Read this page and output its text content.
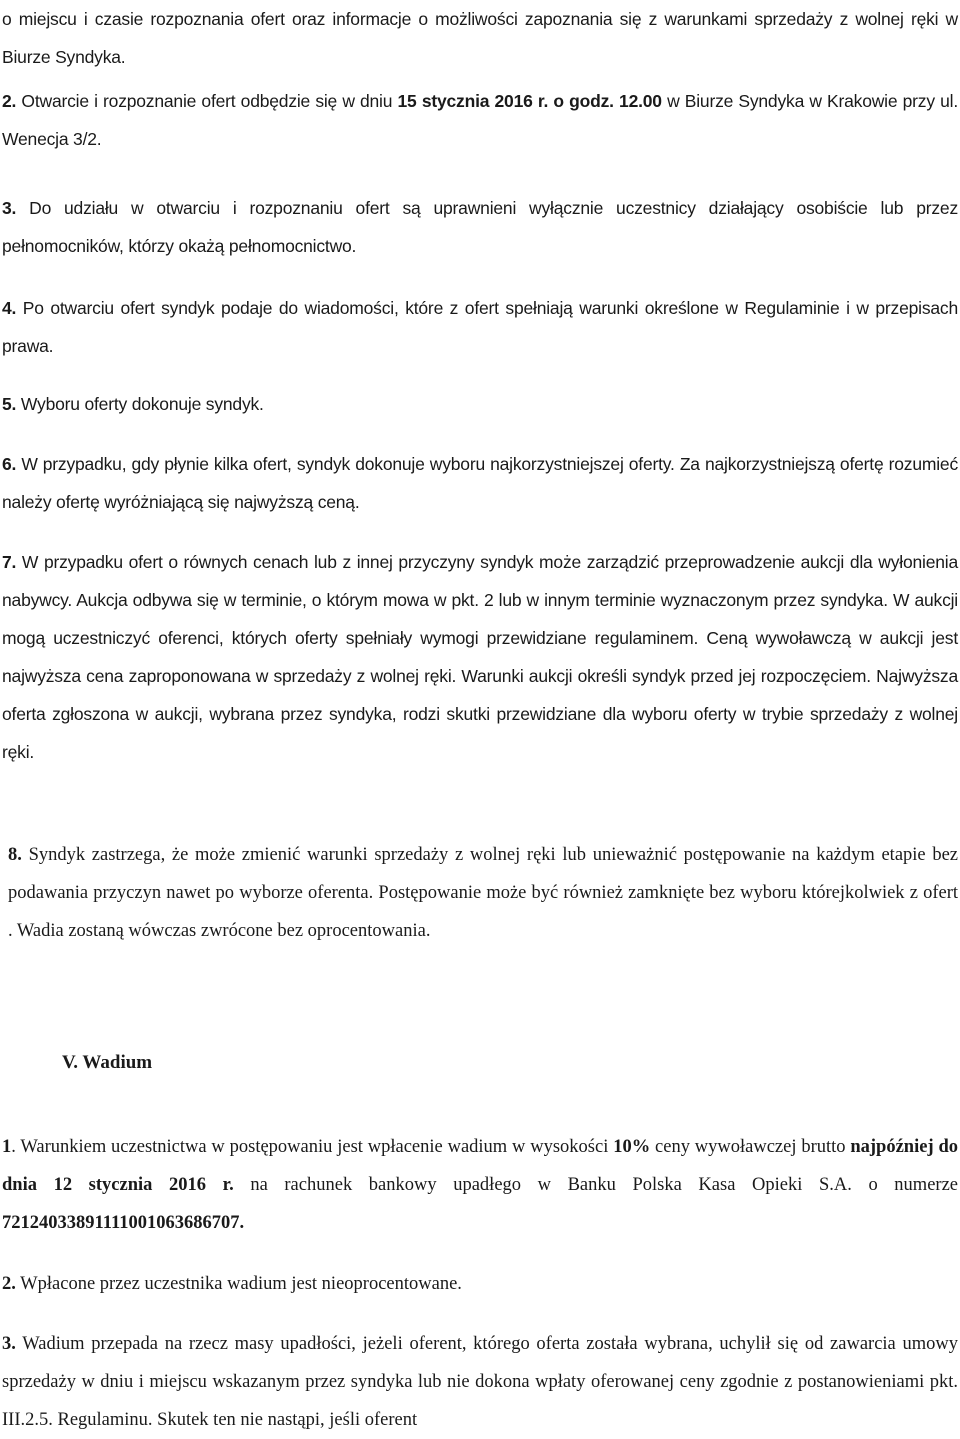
o miejscu i czasie rozpoznania ofert oraz informacje o możliwości zapoznania się z warunkami sprzedaży z wolnej ręki w Biurze Syndyka.

2. Otwarcie i rozpoznanie ofert odbędzie się w dniu 15 stycznia 2016 r. o godz. 12.00 w Biurze Syndyka w Krakowie przy ul. Wenecja 3/2.

3. Do udziału w otwarciu i rozpoznaniu ofert są uprawnieni wyłącznie uczestnicy działający osobiście lub przez pełnomocników, którzy okażą pełnomocnictwo.

4. Po otwarciu ofert syndyk podaje do wiadomości, które z ofert spełniają warunki określone w Regulaminie i w przepisach prawa.

5. Wyboru oferty dokonuje syndyk.

6. W przypadku, gdy płynie kilka ofert, syndyk dokonuje wyboru najkorzystniejszej oferty. Za najkorzystniejszą ofertę rozumieć należy ofertę wyróżniającą się najwyższą ceną.

7. W przypadku ofert o równych cenach lub z innej przyczyny syndyk może zarządzić przeprowadzenie aukcji dla wyłonienia nabywcy. Aukcja odbywa się w terminie, o którym mowa w pkt. 2 lub w innym terminie wyznaczonym przez syndyka. W aukcji mogą uczestniczyć oferenci, których oferty spełniały wymogi przewidziane regulaminem. Ceną wywoławczą w aukcji jest najwyższa cena zaproponowana w sprzedaży z wolnej ręki. Warunki aukcji określi syndyk przed jej rozpoczęciem. Najwyższa oferta zgłoszona w aukcji, wybrana przez syndyka, rodzi skutki przewidziane dla wyboru oferty w trybie sprzedaży z wolnej ręki.

8. Syndyk zastrzega, że może zmienić warunki sprzedaży z wolnej ręki lub unieważnić postępowanie na każdym etapie bez podawania przyczyn nawet po wyborze oferenta. Postępowanie może być również zamknięte bez wyboru którejkolwiek z ofert . Wadia zostaną wówczas zwrócone bez oprocentowania.

V. Wadium

1. Warunkiem uczestnictwa w postępowaniu jest wpłacenie wadium w wysokości 10% ceny wywoławczej brutto najpóźniej do dnia 12 stycznia 2016 r. na rachunek bankowy upadłego w Banku Polska Kasa Opieki S.A. o numerze 72124033891111001063686707.

2. Wpłacone przez uczestnika wadium jest nieoprocentowane.

3. Wadium przepada na rzecz masy upadłości, jeżeli oferent, którego oferta została wybrana, uchylił się od zawarcia umowy sprzedaży w dniu i miejscu wskazanym przez syndyka lub nie dokona wpłaty oferowanej ceny zgodnie z postanowieniami pkt. III.2.5. Regulaminu. Skutek ten nie nastąpi, jeśli oferent
